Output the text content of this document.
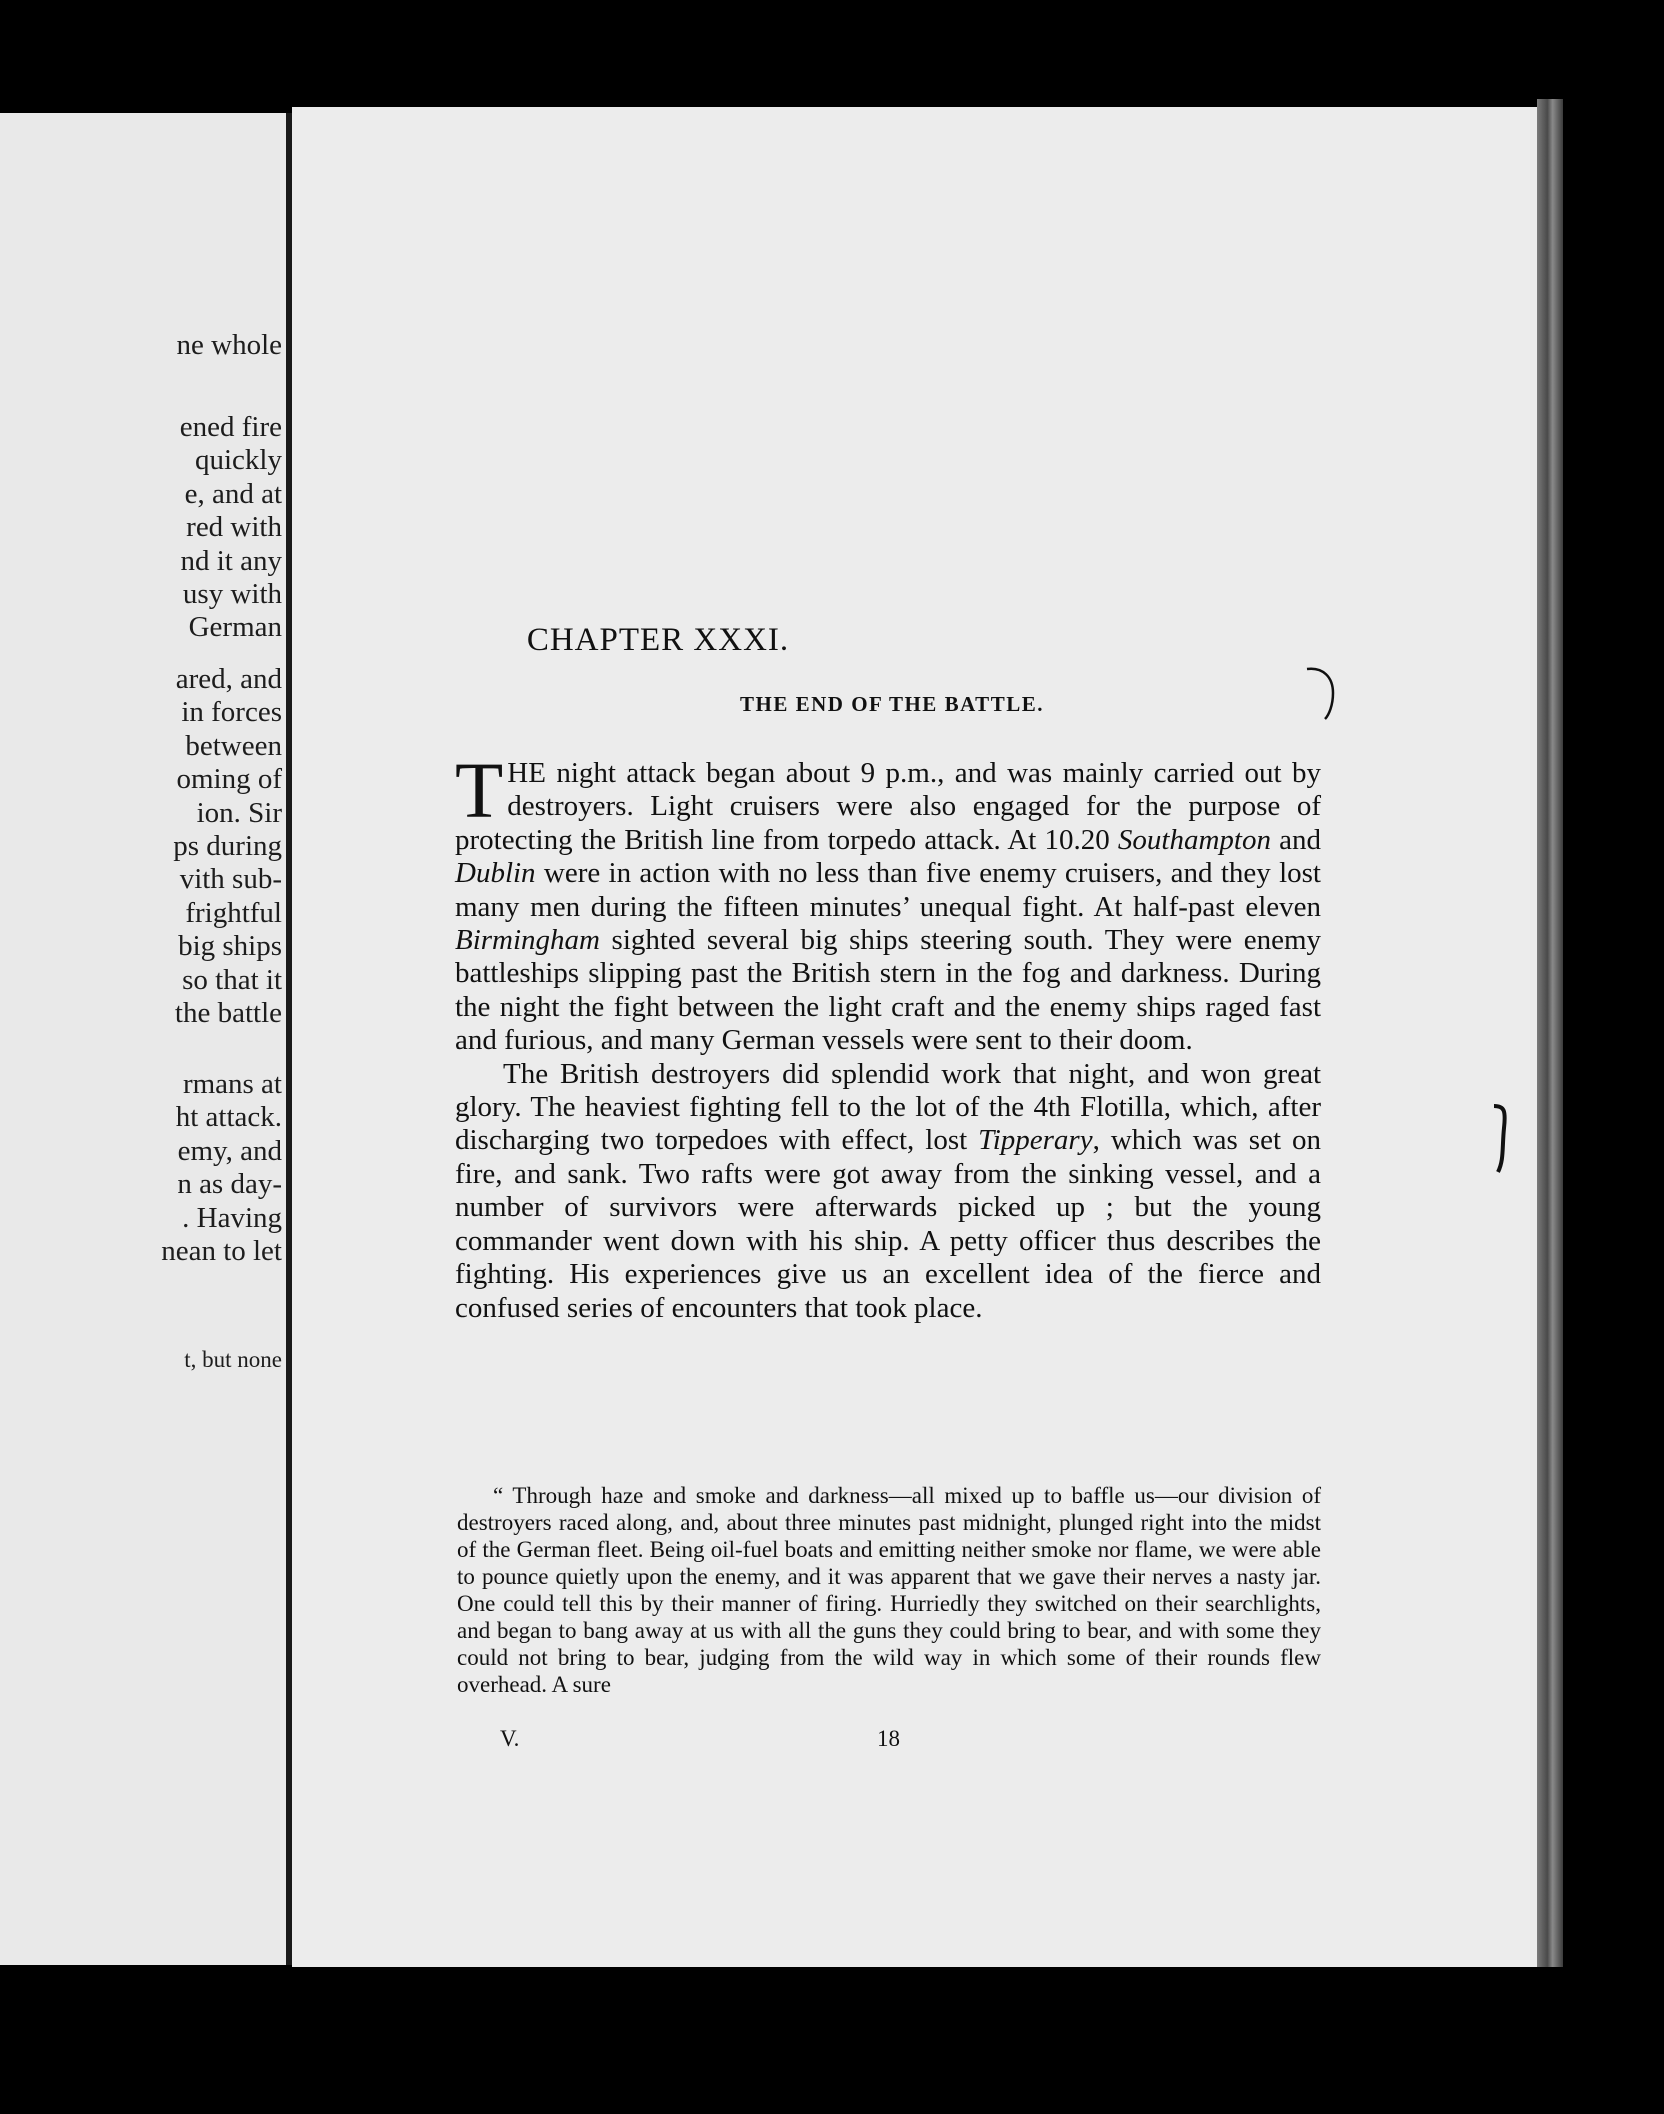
ne whole
ened fire
quickly
e, and at
red with
nd it any
usy with
German
ared, and
in forces
between
oming of
ion. Sir
ps during
vith sub-
frightful
big ships
so that it
the battle
rmans at
ht attack.
emy, and
n as day-
. Having
nean to let
t, but none
CHAPTER XXXI.
THE END OF THE BATTLE.

THE night attack began about 9 p.m., and was mainly carried out by destroyers. Light cruisers were also engaged for the purpose of protecting the British line from torpedo attack. At 10.20 Southampton and Dublin were in action with no less than five enemy cruisers, and they lost many men during the fifteen minutes’ unequal fight. At half-past eleven Birmingham sighted several big ships steering south. They were enemy battleships slipping past the British stern in the fog and darkness. During the night the fight between the light craft and the enemy ships raged fast and furious, and many German vessels were sent to their doom.

The British destroyers did splendid work that night, and won great glory. The heaviest fighting fell to the lot of the 4th Flotilla, which, after discharging two torpedoes with effect, lost Tipperary, which was set on fire, and sank. Two rafts were got away from the sinking vessel, and a number of survivors were afterwards picked up ; but the young commander went down with his ship. A petty officer thus describes the fighting. His experiences give us an excellent idea of the fierce and confused series of encounters that took place.

“ Through haze and smoke and darkness—all mixed up to baffle us—our division of destroyers raced along, and, about three minutes past midnight, plunged right into the midst of the German fleet. Being oil-fuel boats and emitting neither smoke nor flame, we were able to pounce quietly upon the enemy, and it was apparent that we gave their nerves a nasty jar. One could tell this by their manner of firing. Hurriedly they switched on their searchlights, and began to bang away at us with all the guns they could bring to bear, and with some they could not bring to bear, judging from the wild way in which some of their rounds flew overhead. A sure

V.	18
